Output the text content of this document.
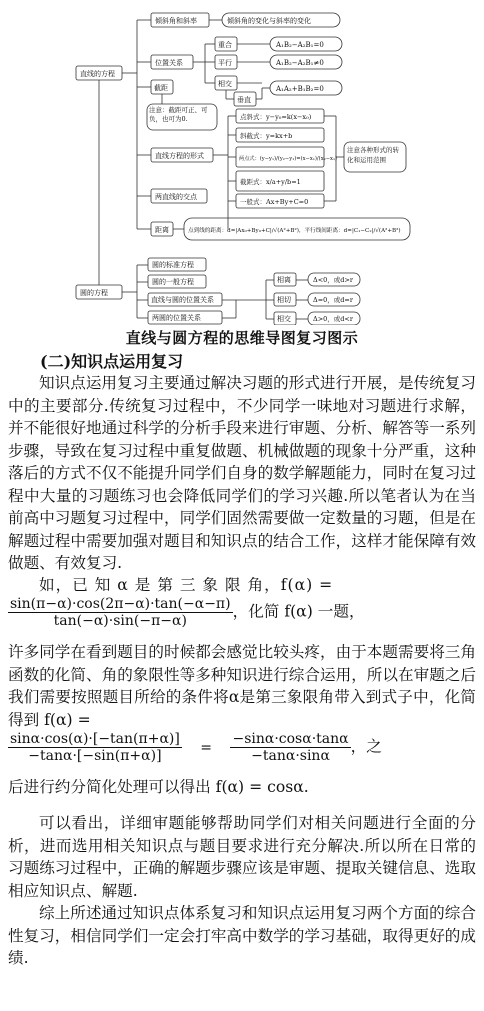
直线的方程
圆的方程
倾斜角和斜率	倾斜角的变化与斜率的变化
位置关系
重合
平行
相交
垂直
A₁B₂−A₂B₁=0
A₁B₂−A₂B₁≠0
A₁A₂+B₁B₂=0
截距
注意：截距可正、可负，也可为0.
直线方程的形式
点斜式：y−y₀=k(x−x₀)
斜截式：y=kx+b
两点式：(y−y₁)/(y₂−y₁)=(x−x₁)/(x₂−x₁)
截距式：x/a+y/b=1
一般式：Ax+By+C=0
注意各种形式的转化和运用范围
两直线的交点
距离	点到线的距离：d=|Ax₀+By₀+C|/√(A²+B²)，平行线间距离：d=|C₁−C₂|/√(A²+B²)
圆的标准方程
圆的一般方程
直线与圆的位置关系
两圆的位置关系
相离
相切
相交
Δ<0，或d>r
Δ=0，或d=r
Δ>0，或d<r
直线与圆方程的思维导图复习图示
(二)知识点运用复习
知识点运用复习主要通过解决习题的形式进行开展，是传统复习中的主要部分.传统复习过程中，不少同学一味地对习题进行求解，并不能很好地通过科学的分析手段来进行审题、分析、解答等一系列步骤，导致在复习过程中重复做题、机械做题的现象十分严重，这种落后的方式不仅不能提升同学们自身的数学解题能力，同时在复习过程中大量的习题练习也会降低同学们的学习兴趣.所以笔者认为在当前高中习题复习过程中，同学们固然需要做一定数量的习题，但是在解题过程中需要加强对题目和知识点的结合工作，这样才能保障有效做题、有效复习.
如，已 知 α 是 第 三 象 限 角，f(α) =
$\frac{\sin(\pi-\alpha)\cdot\cos(2\pi-\alpha)\cdot\tan(-\alpha-\pi)}{\tan(-\alpha)\cdot\sin(-\pi-\alpha)}$ ，化简 f(α) 一题，
许多同学在看到题目的时候都会感觉比较头疼，由于本题需要将三角函数的化简、角的象限性等多种知识进行综合运用，所以在审题之后我们需要按照题目所给的条件将α是第三象限角带入到式子中，化简得到 f(α) =
$\frac{\sin\alpha\cdot\cos(\alpha)\cdot[-\tan(\pi+\alpha)]}{-\tan\alpha\cdot[-\sin(\pi+\alpha)]} = \frac{-\sin\alpha\cdot\cos\alpha\cdot\tan\alpha}{-\tan\alpha\cdot\sin\alpha}$ ，之
后进行约分简化处理可以得出 f(α) = cosα.
可以看出，详细审题能够帮助同学们对相关问题进行全面的分析，进而选用相关知识点与题目要求进行充分解决.所以所在日常的习题练习过程中，正确的解题步骤应该是审题、提取关键信息、选取相应知识点、解题.
综上所述通过知识点体系复习和知识点运用复习两个方面的综合性复习，相信同学们一定会打牢高中数学的学习基础，取得更好的成绩.
